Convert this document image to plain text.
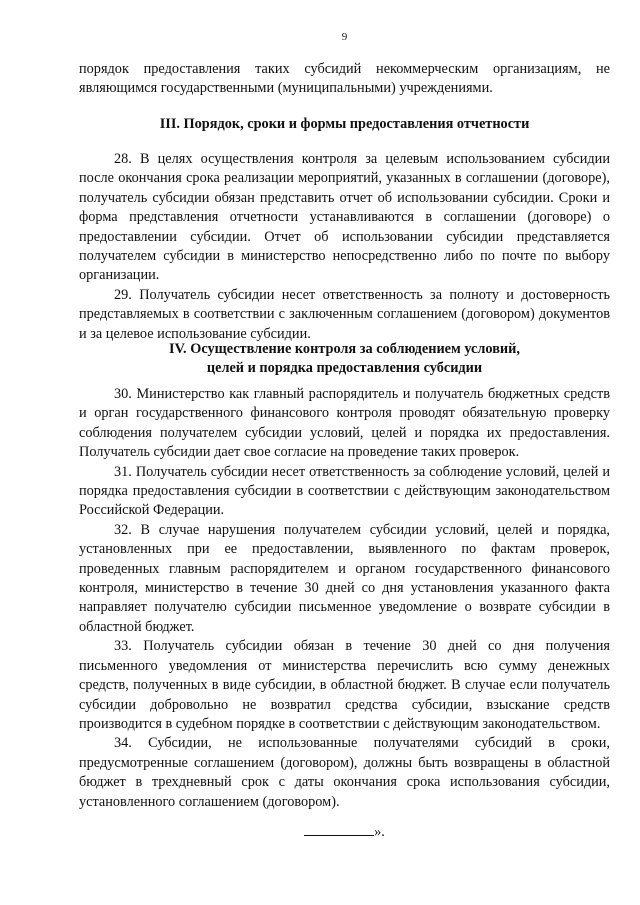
9

порядок предоставления таких субсидий некоммерческим организациям, не являющимся государственными (муниципальными) учреждениями.

III. Порядок, сроки и формы предоставления отчетности

28. В целях осуществления контроля за целевым использованием субсидии после окончания срока реализации мероприятий, указанных в соглашении (договоре), получатель субсидии обязан представить отчет об использовании субсидии. Сроки и форма представления отчетности устанавливаются в соглашении (договоре) о предоставлении субсидии. Отчет об использовании субсидии представляется получателем субсидии в министерство непосредственно либо по почте по выбору организации.

29. Получатель субсидии несет ответственность за полноту и достоверность представляемых в соответствии с заключенным соглашением (договором) документов и за целевое использование субсидии.

IV. Осуществление контроля за соблюдением условий,
целей и порядка предоставления субсидии

30. Министерство как главный распорядитель и получатель бюджетных средств и орган государственного финансового контроля проводят обязательную проверку соблюдения получателем субсидии условий, целей и порядка их предоставления. Получатель субсидии дает свое согласие на проведение таких проверок.

31. Получатель субсидии несет ответственность за соблюдение условий, целей и порядка предоставления субсидии в соответствии с действующим законодательством Российской Федерации.

32. В случае нарушения получателем субсидии условий, целей и порядка, установленных при ее предоставлении, выявленного по фактам проверок, проведенных главным распорядителем и органом государственного финансового контроля, министерство в течение 30 дней со дня установления указанного факта направляет получателю субсидии письменное уведомление о возврате субсидии в областной бюджет.

33. Получатель субсидии обязан в течение 30 дней со дня получения письменного уведомления от министерства перечислить всю сумму денежных средств, полученных в виде субсидии, в областной бюджет. В случае если получатель субсидии добровольно не возвратил средства субсидии, взыскание средств производится в судебном порядке в соответствии с действующим законодательством.

34. Субсидии, не использованные получателями субсидий в сроки, предусмотренные соглашением (договором), должны быть возвращены в областной бюджет в трехдневный срок с даты окончания срока использования субсидии, установленного соглашением (договором).

».
